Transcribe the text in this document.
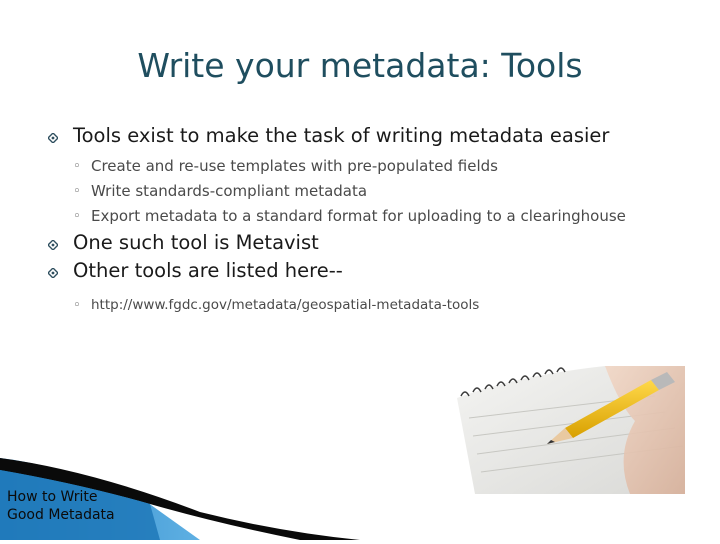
Write your metadata: Tools
Tools exist to make the task of writing metadata easier
◦ Create and re-use templates with pre-populated fields
◦ Write standards-compliant metadata
◦ Export metadata to a standard format for uploading to a clearinghouse
One such tool is Metavist
Other tools are listed here--
◦ http://www.fgdc.gov/metadata/geospatial-metadata-tools
How to Write
Good Metadata
